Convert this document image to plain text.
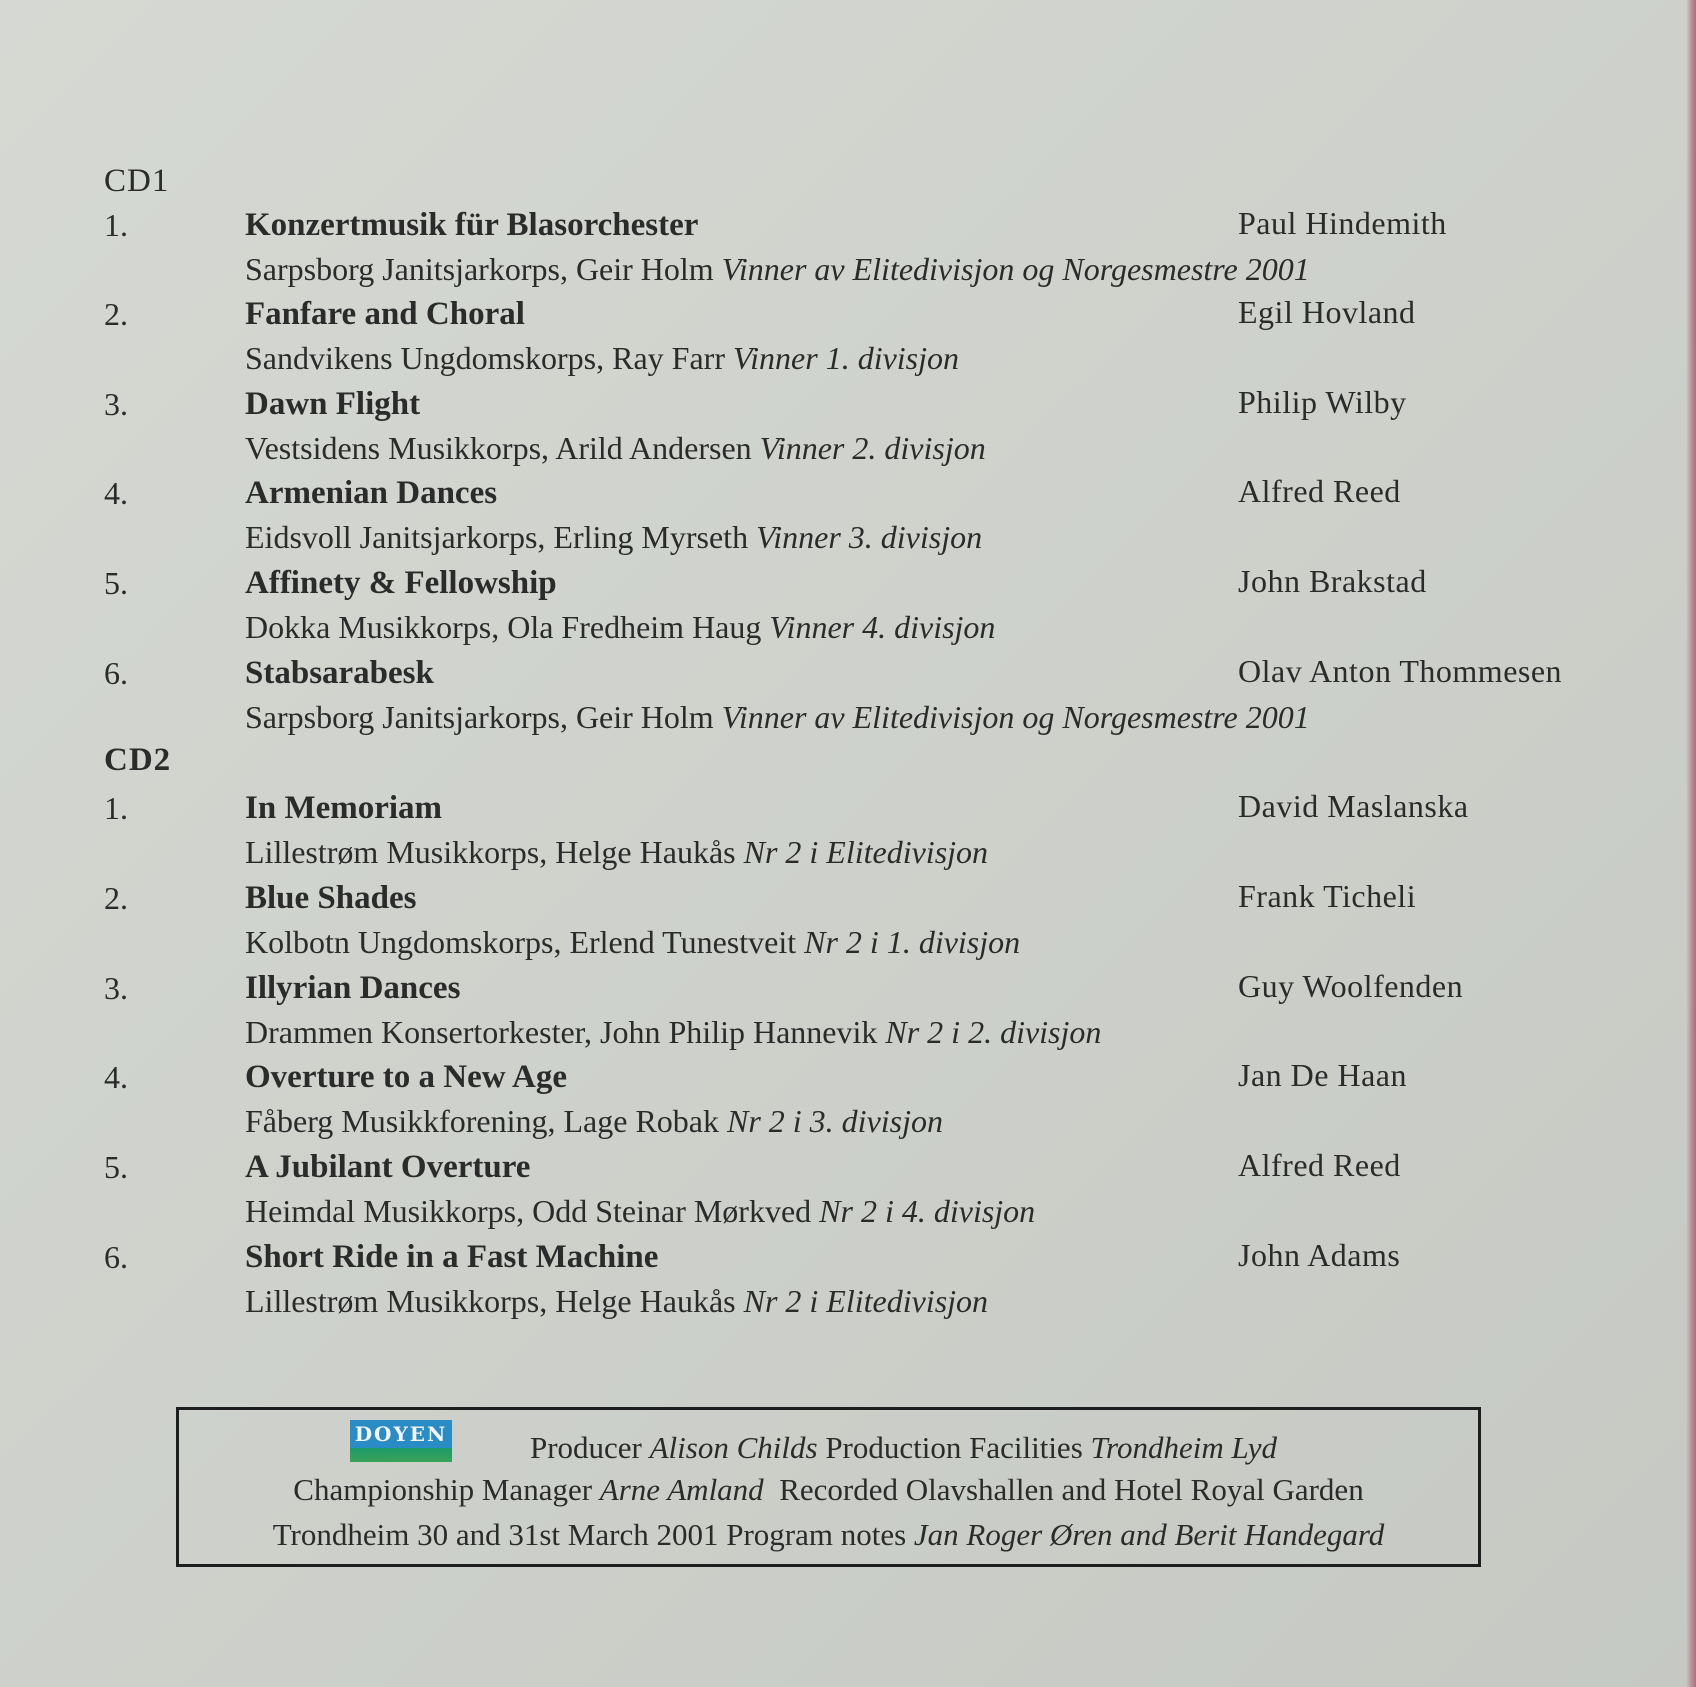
CD1
1.	Konzertmusik für Blasorchester	Paul Hindemith
Sarpsborg Janitsjarkorps, Geir Holm Vinner av Elitedivisjon og Norgesmestre 2001
2.	Fanfare and Choral	Egil Hovland
Sandvikens Ungdomskorps, Ray Farr Vinner 1. divisjon
3.	Dawn Flight	Philip Wilby
Vestsidens Musikkorps, Arild Andersen Vinner 2. divisjon
4.	Armenian Dances	Alfred Reed
Eidsvoll Janitsjarkorps, Erling Myrseth Vinner 3. divisjon
5.	Affinety & Fellowship	John Brakstad
Dokka Musikkorps, Ola Fredheim Haug Vinner 4. divisjon
6.	Stabsarabesk	Olav Anton Thommesen
Sarpsborg Janitsjarkorps, Geir Holm Vinner av Elitedivisjon og Norgesmestre 2001
CD2
1.	In Memoriam	David Maslanska
Lillestrøm Musikkorps, Helge Haukås Nr 2 i Elitedivisjon
2.	Blue Shades	Frank Ticheli
Kolbotn Ungdomskorps, Erlend Tunestveit Nr 2 i 1. divisjon
3.	Illyrian Dances	Guy Woolfenden
Drammen Konsertorkester, John Philip Hannevik Nr 2 i 2. divisjon
4.	Overture to a New Age	Jan De Haan
Fåberg Musikkforening, Lage Robak Nr 2 i 3. divisjon
5.	A Jubilant Overture	Alfred Reed
Heimdal Musikkorps, Odd Steinar Mørkved Nr 2 i 4. divisjon
6.	Short Ride in a Fast Machine	John Adams
Lillestrøm Musikkorps, Helge Haukås Nr 2 i Elitedivisjon
DOYEN	Producer Alison Childs Production Facilities Trondheim Lyd
Championship Manager Arne Amland Recorded Olavshallen and Hotel Royal Garden
Trondheim 30 and 31st March 2001 Program notes Jan Roger Øren and Berit Handegard
